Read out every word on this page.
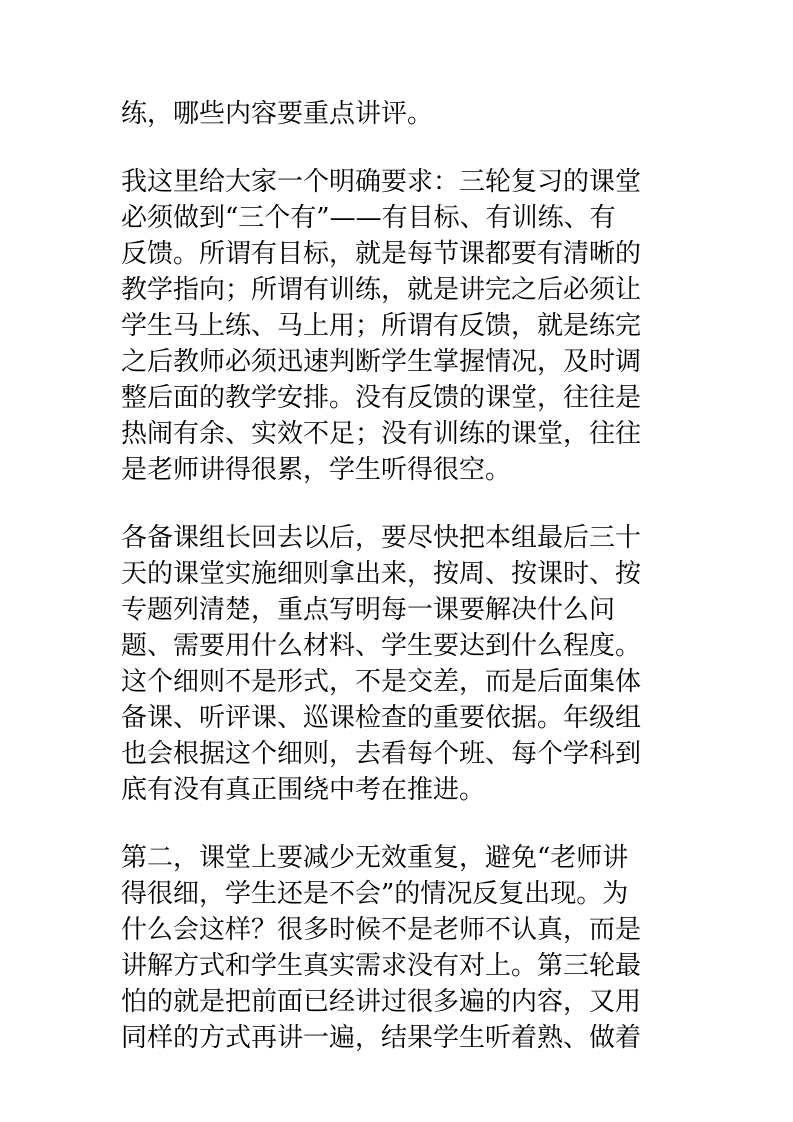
练，哪些内容要重点讲评。

我这里给大家一个明确要求：三轮复习的课堂
必须做到“三个有”——有目标、有训练、有
反馈。所谓有目标，就是每节课都要有清晰的
教学指向；所谓有训练，就是讲完之后必须让
学生马上练、马上用；所谓有反馈，就是练完
之后教师必须迅速判断学生掌握情况，及时调
整后面的教学安排。没有反馈的课堂，往往是
热闹有余、实效不足；没有训练的课堂，往往
是老师讲得很累，学生听得很空。

各备课组长回去以后，要尽快把本组最后三十
天的课堂实施细则拿出来，按周、按课时、按
专题列清楚，重点写明每一课要解决什么问
题、需要用什么材料、学生要达到什么程度。
这个细则不是形式，不是交差，而是后面集体
备课、听评课、巡课检查的重要依据。年级组
也会根据这个细则，去看每个班、每个学科到
底有没有真正围绕中考在推进。

第二，课堂上要减少无效重复，避免“老师讲
得很细，学生还是不会”的情况反复出现。为
什么会这样？很多时候不是老师不认真，而是
讲解方式和学生真实需求没有对上。第三轮最
怕的就是把前面已经讲过很多遍的内容，又用
同样的方式再讲一遍，结果学生听着熟、做着
